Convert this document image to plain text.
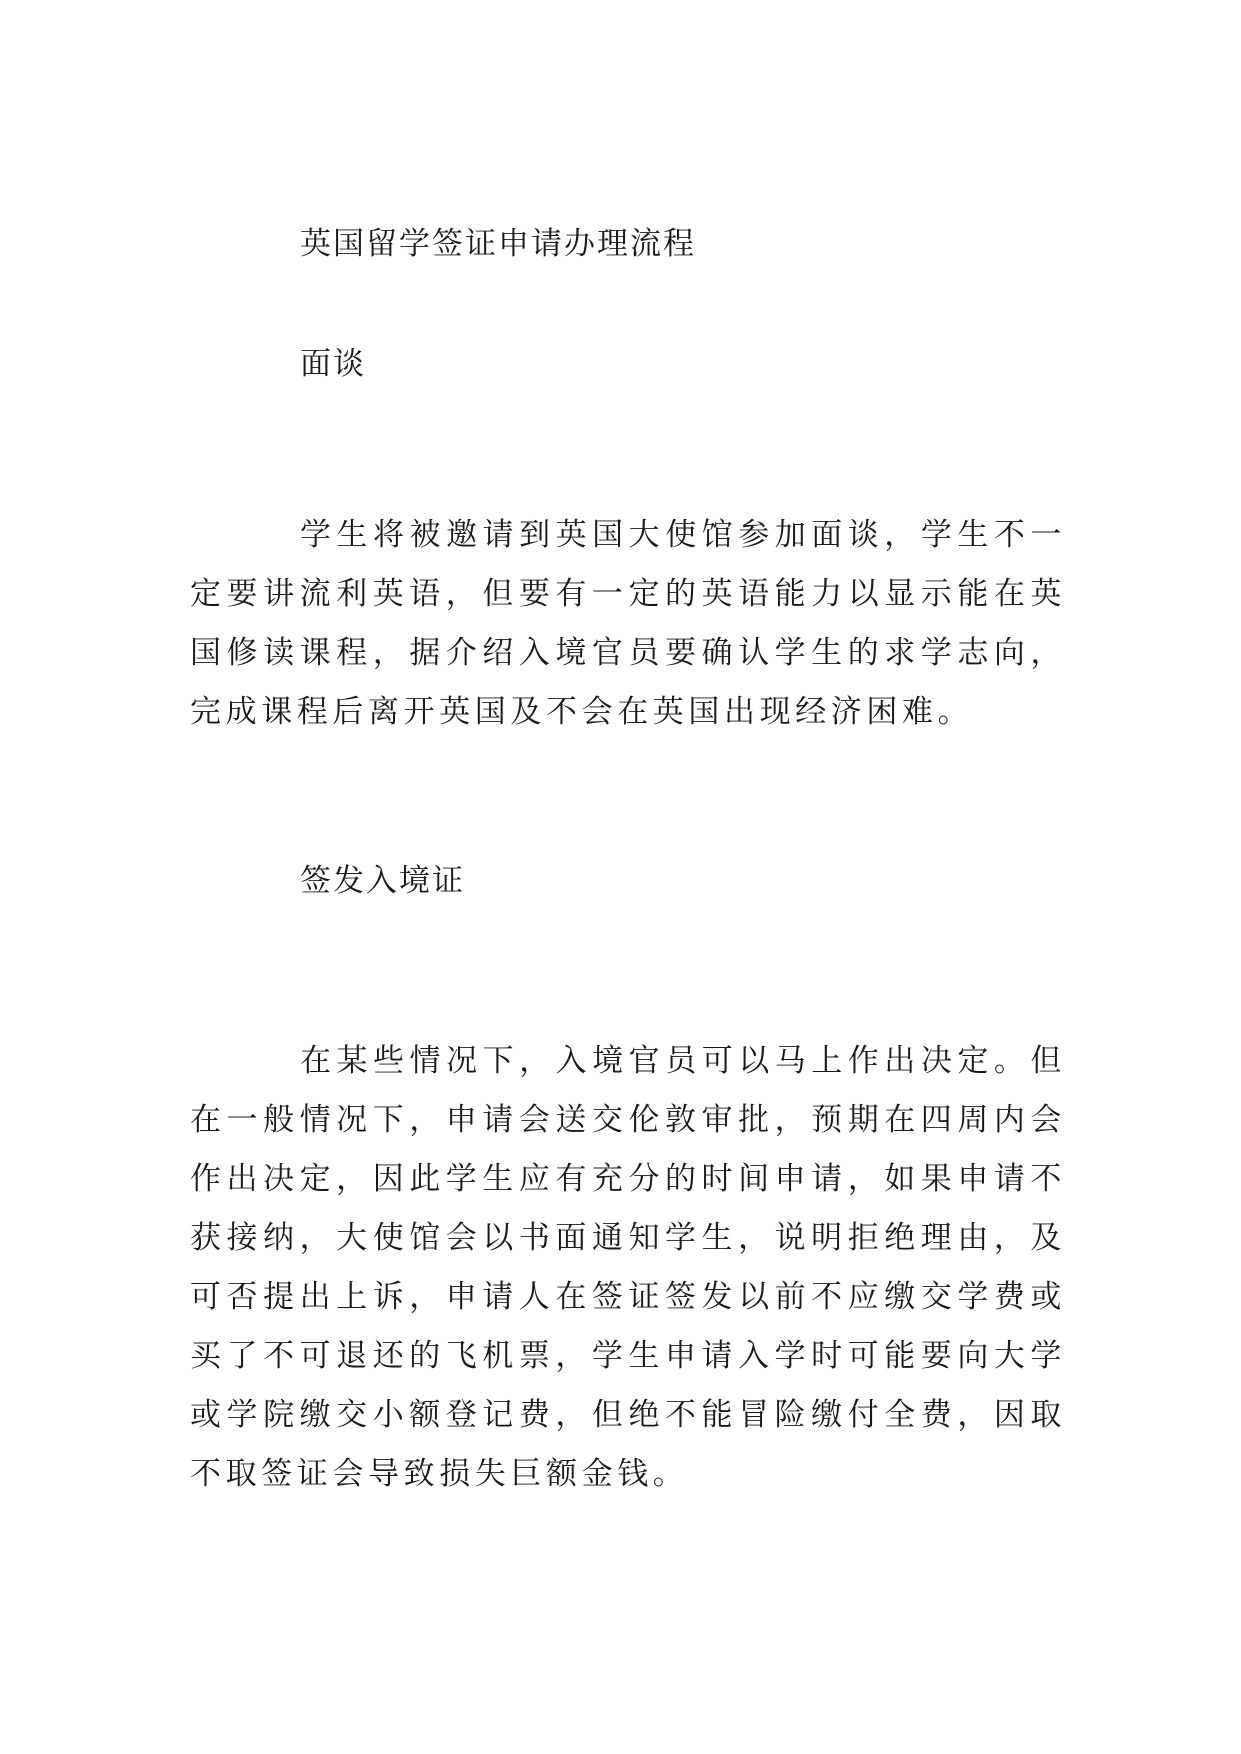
英国留学签证申请办理流程
面谈

学生将被邀请到英国大使馆参加面谈，学生不一定要讲流利英语，但要有一定的英语能力以显示能在英国修读课程，据介绍入境官员要确认学生的求学志向，完成课程后离开英国及不会在英国出现经济困难。

签发入境证

在某些情况下，入境官员可以马上作出决定。但在一般情况下，申请会送交伦敦审批，预期在四周内会作出决定，因此学生应有充分的时间申请，如果申请不获接纳，大使馆会以书面通知学生，说明拒绝理由，及可否提出上诉，申请人在签证签发以前不应缴交学费或买了不可退还的飞机票，学生申请入学时可能要向大学或学院缴交小额登记费，但绝不能冒险缴付全费，因取不取签证会导致损失巨额金钱。
